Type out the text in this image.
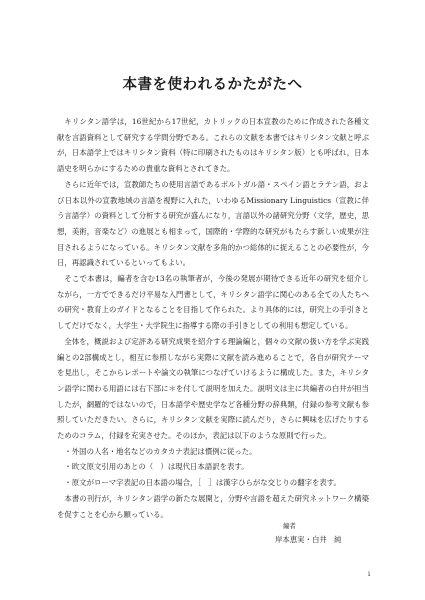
本書を使われるかたがたへ

キリシタン語学は，16世紀から17世紀，カトリックの日本宣教のために作成された各種文献を言語資料として研究する学問分野である。これらの文献を本書ではキリシタン文献と呼ぶが，日本語学上ではキリシタン資料（特に印刷されたものはキリシタン版）とも呼ばれ，日本語史を明らかにするための貴重な資料とされてきた。

さらに近年では，宣教師たちの使用言語であるポルトガル語・スペイン語とラテン語，および日本以外の宣教地域の言語を視野に入れた，いわゆるMissionary Linguistics（宣教に伴う言語学）の資料として分析する研究が盛んになり，言語以外の諸研究分野（文学，歴史，思想，美術，音楽など）の進展とも相まって，国際的・学際的な研究がもたらす新しい成果が注目されるようになっている。キリシタン文献を多角的かつ総体的に捉えることの必要性が，今日，再認識されているといってもよい。

そこで本書は，編者を含む13名の執筆者が，今後の発展が期待できる近年の研究を紹介しながら，一方でできるだけ平易な入門書として，キリシタン語学に関心のある全ての人たちへの研究・教育上のガイドとなることを目指して作られた。より具体的には，研究上の手引きとしてだけでなく，大学生・大学院生に指導する際の手引きとしての利用も想定している。

全体を，概説および定評ある研究成果を紹介する理論編と，個々の文献の扱い方を学ぶ実践編との2部構成とし，相互に参照しながら実際に文献を読み進めることで，各自が研究テーマを見出し，そこからレポートや論文の執筆につなげていけるように構成した。また，キリシタン語学に関わる用語には右下部に＊を付して説明を加えた。説明文は主に共編者の白井が担当したが，網羅的ではないので，日本語学や歴史学など各種分野の辞典類，付録の参考文献も参照していただきたい。さらに，キリシタン文献を実際に読んだり，さらに興味を広げたりするためのコラム，付録を充実させた。そのほか，表記は以下のような原則で行った。

・外国の人名・地名などのカタカナ表記は慣例に従った。

・欧文原文引用のあとの（　）は現代日本語訳を表す。

・原文がローマ字表記の日本語の場合，［　］は漢字ひらがな交じりの翻字を表す。

本書の刊行が，キリシタン語学の新たな展開と，分野や言語を超えた研究ネットワーク構築を促すことを心から願っている。

編者
岸本恵実・白井　純
i
